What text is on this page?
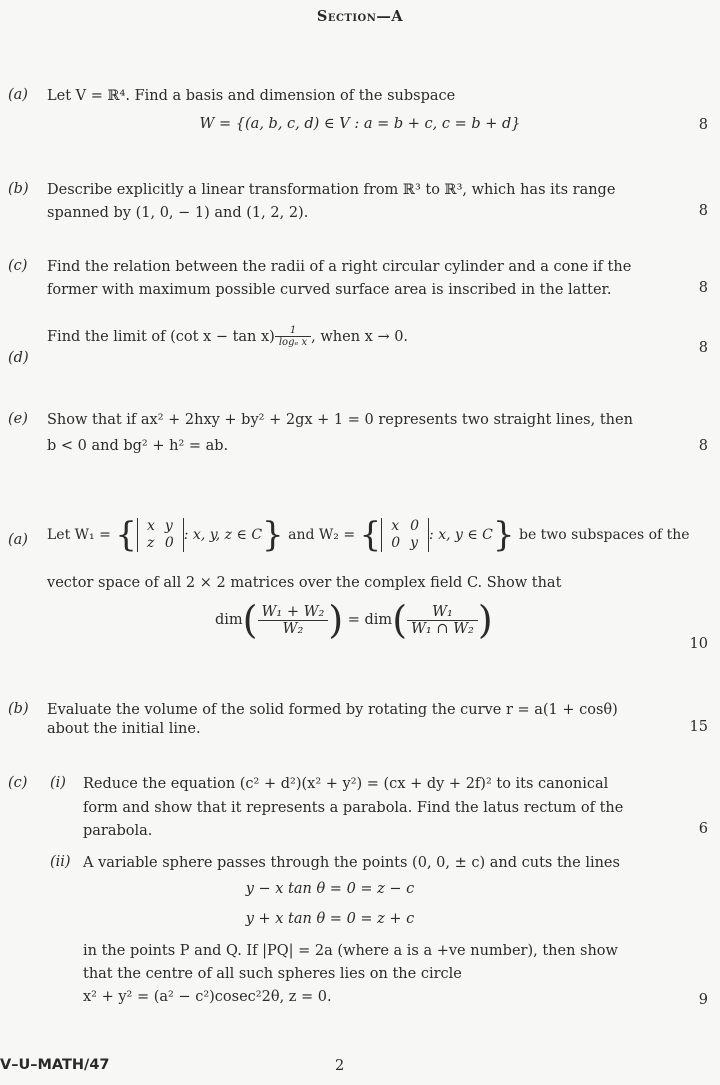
Section—A
(a) Let V = ℝ⁴. Find a basis and dimension of the subspace
W = {(a, b, c, d) ∈ V : a = b + c, c = b + d}	8
(b) Describe explicitly a linear transformation from ℝ³ to ℝ³, which has its range
spanned by (1, 0, − 1) and (1, 2, 2).	8
(c) Find the relation between the radii of a right circular cylinder and a cone if the
former with maximum possible curved surface area is inscribed in the latter.	8
(d)
Find the limit of (cot $x - \tan x) \frac{1}{\text{logₑ x}}$ , when x → 0.
8
(e) Show that if ax² + 2hxy + by² + 2gx + 1 = 0 represents two straight lines, then
b < 0 and bg² + h² = ab.	8
(a) Let W₁ = { x	y
z	0 : x, y, z ∈ C} and W₂ = { x	0
0	y : x, y ∈ C} be two subspaces of the
vector space of all 2 × 2 matrices over the complex field C. Show that
$dim( \frac{\text{W₁ + W₂}}{\text{W₂}}$ ) = $dim( \frac{\text{W₁}}{\text{W₁ ∩ W₂}}$ )
10
(b) Evaluate the volume of the solid formed by rotating the curve r = a(1 + cosθ)
about the initial line.	15
(c) (i) Reduce the equation (c² + d²)(x² + y²) = (cx + dy + 2f)² to its canonical
form and show that it represents a parabola. Find the latus rectum of the
parabola.	6
(ii) A variable sphere passes through the points (0, 0, ± c) and cuts the lines
y − x tan θ = 0 = z − c
y + x tan θ = 0 = z + c
in the points P and Q. If |PQ| = 2a (where a is a +ve number), then show
that the centre of all such spheres lies on the circle
x² + y² = (a² − c²)cosec²2θ, z = 0.	9
V–U–MATH/47	2
